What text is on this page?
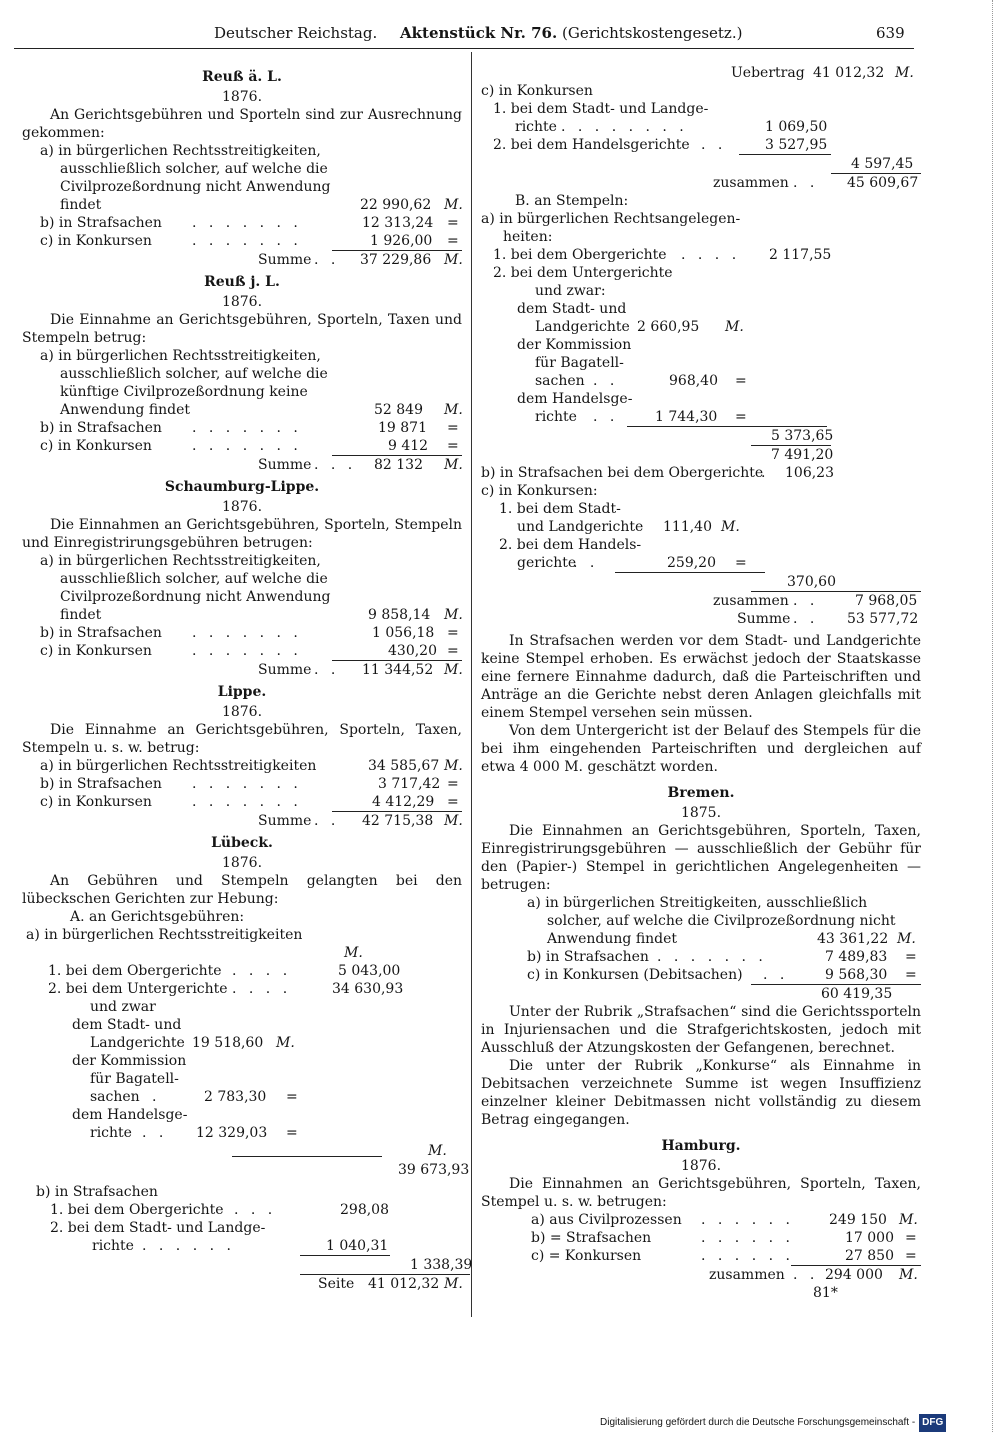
Deutscher Reichstag. Aktenstück Nr. 76. (Gerichtskostengesetz.)	639
Reuß ä. L.
1876.
An Gerichtsgebühren und Sporteln sind zur Ausrechnung gekommen:
a) in bürgerlichen Rechtsstreitigkeiten, ausschließlich solcher, auf welche die Civilprozeßordnung nicht Anwendung findet	22 990,62 M.
b) in Strafsachen . . . . . . .	12 313,24 =
c) in Konkursen	. . . . . . .	1 926,00 =
Summe . . 37 229,86 M.
Reuß j. L.
1876.
Die Einnahme an Gerichtsgebühren, Sporteln, Taxen und Stempeln betrug:
a) in bürgerlichen Rechtsstreitigkeiten, ausschließlich solcher, auf welche die künftige Civilprozeßordnung keine Anwendung findet	52 849 M.
b) in Strafsachen . . . . . . .	19 871 =
c) in Konkursen	. . . . . . .	9 412 =
Summe . . . 82 132 M.
Schaumburg-Lippe.
1876.
Die Einnahmen an Gerichtsgebühren, Sporteln, Stempeln und Einregistrirungsgebühren betrugen:
a) in bürgerlichen Rechtsstreitigkeiten, ausschließlich solcher, auf welche die Civilprozeßordnung nicht Anwendung findet	9 858,14 M.
b) in Strafsachen . . . . . . .	1 056,18 =
c) in Konkursen	. . . . . . .	430,20 =
Summe . . 11 344,52 M.
Lippe.
1876.
Die Einnahme an Gerichtsgebühren, Sporteln, Taxen, Stempeln u. s. w. betrug:
a) in bürgerlichen Rechtsstreitigkeiten	34 585,67 M.
b) in Strafsachen . . . . . . .	3 717,42 =
c) in Konkursen	. . . . . . .	4 412,29 =
Summe . . 42 715,38 M.
Lübeck.
1876.
An Gebühren und Stempeln gelangten bei den lübeckschen Gerichten zur Hebung:
A. an Gerichtsgebühren:
a) in bürgerlichen Rechtsstreitigkeiten
M.
1. bei dem Obergerichte . . . .	5 043,00
2. bei dem Untergerichte . . . .	34 630,93
und zwar
dem Stadt- und
Landgerichte 19 518,60 M.
der Kommission
für Bagatell-
sachen .	2 783,30 =
dem Handelsge-
richte . . 12 329,03 =
M.
39 673,93
b) in Strafsachen
1. bei dem Obergerichte . . .	298,08
2. bei dem Stadt- und Landge-
richte . . . . . .	1 040,31
1 338,39
Seite 41 012,32 M.
Uebertrag 41 012,32 M.
c) in Konkursen
1. bei dem Stadt- und Landge-
richte . . . . . . . .	1 069,50
2. bei dem Handelsgerichte . .	3 527,95
4 597,45
zusammen . . 45 609,67
B. an Stempeln:
a) in bürgerlichen Rechtsangelegen-
heiten:
1. bei dem Obergerichte . . . . 2 117,55
2. bei dem Untergerichte
und zwar:
dem Stadt- und
Landgerichte 2 660,95 M.
der Kommission
für Bagatell-
sachen . .	968,40 =
dem Handelsge-
richte . .	1 744,30 =
5 373,65
7 491,20
b) in Strafsachen bei dem Obergerichte
. 106,23
c) in Konkursen:
1. bei dem Stadt-
und Landgerichte 111,40 M.
2. bei dem Handels-
gerichte
. .	259,20 =
370,60
zusammen . .	7 968,05
Summe . . 53 577,72
In Strafsachen werden vor dem Stadt- und Landgerichte keine Stempel erhoben. Es erwächst jedoch der Staatskasse eine fernere Einnahme dadurch, daß die Parteischriften und Anträge an die Gerichte nebst deren Anlagen gleichfalls mit einem Stempel versehen sein müssen.
Von dem Untergericht ist der Belauf des Stempels für die bei ihm eingehenden Parteischriften und dergleichen auf etwa 4 000 M. geschätzt worden.
Bremen.
1875.
Die Einnahmen an Gerichtsgebühren, Sporteln, Taxen, Einregistrirungsgebühren — ausschließlich der Gebühr für den (Papier-) Stempel in gerichtlichen Angelegenheiten — betrugen:
a) in bürgerlichen Streitigkeiten, ausschließlich solcher, auf welche die Civilprozeßordnung nicht Anwendung findet	43 361,22 M.
b) in Strafsachen . . . . . . .	7 489,83 =
c) in Konkursen (Debitsachen) . .	9 568,30 =
60 419,35
Unter der Rubrik „Strafsachen“ sind die Gerichtssporteln in Injuriensachen und die Strafgerichtskosten, jedoch mit Ausschluß der Atzungskosten der Gefangenen, berechnet.
Die unter der Rubrik „Konkurse“ als Einnahme in Debitsachen verzeichnete Summe ist wegen Insuffizienz einzelner kleiner Debitmassen nicht vollständig zu diesem Betrag eingegangen.
Hamburg.
1876.
Die Einnahmen an Gerichtsgebühren, Sporteln, Taxen, Stempel u. s. w. betrugen:
a) aus Civilprozessen . . . . . .	249 150 M.
b) = Strafsachen	. . . . . .	17 000 =
c) = Konkursen	. . . . . .	27 850 =
zusammen . . 294 000 M.
81*
Digitalisierung gefördert durch die Deutsche Forschungsgemeinschaft - DFG
